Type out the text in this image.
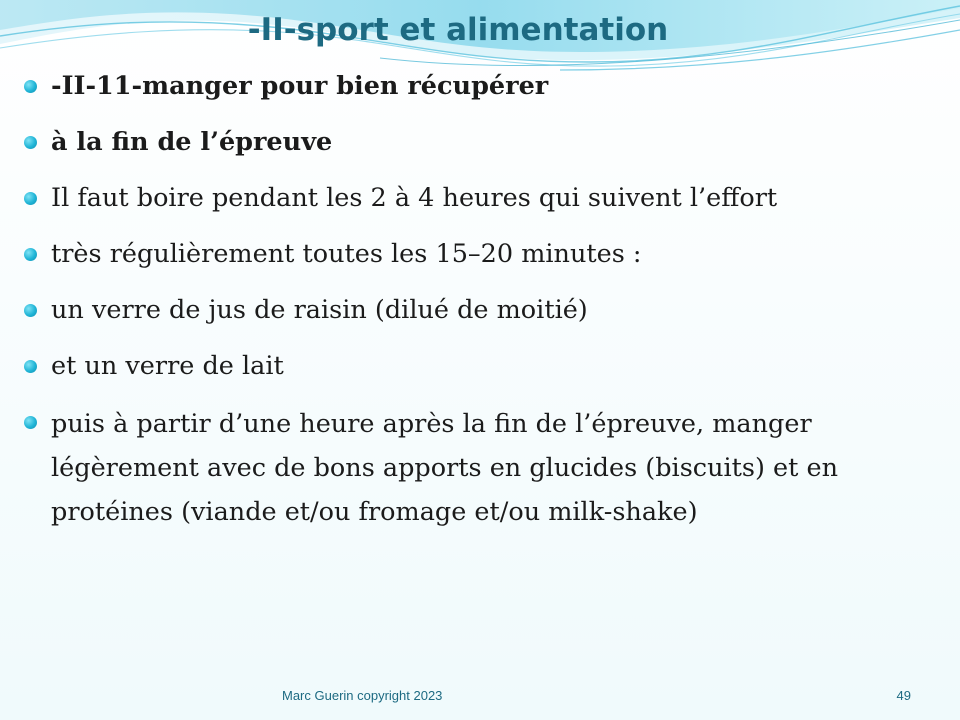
-II-sport et alimentation
-II-11-manger pour bien récupérer
à la fin de l’épreuve
Il faut boire pendant les 2 à 4 heures qui suivent l’effort
très régulièrement toutes les 15–20 minutes :
un verre de jus de raisin (dilué de moitié)
et un verre de lait
puis à partir d’une heure après la fin de l’épreuve, manger légèrement avec de bons apports en glucides (biscuits) et en protéines (viande et/ou fromage et/ou milk-shake)
Marc Guerin copyright 2023	49
